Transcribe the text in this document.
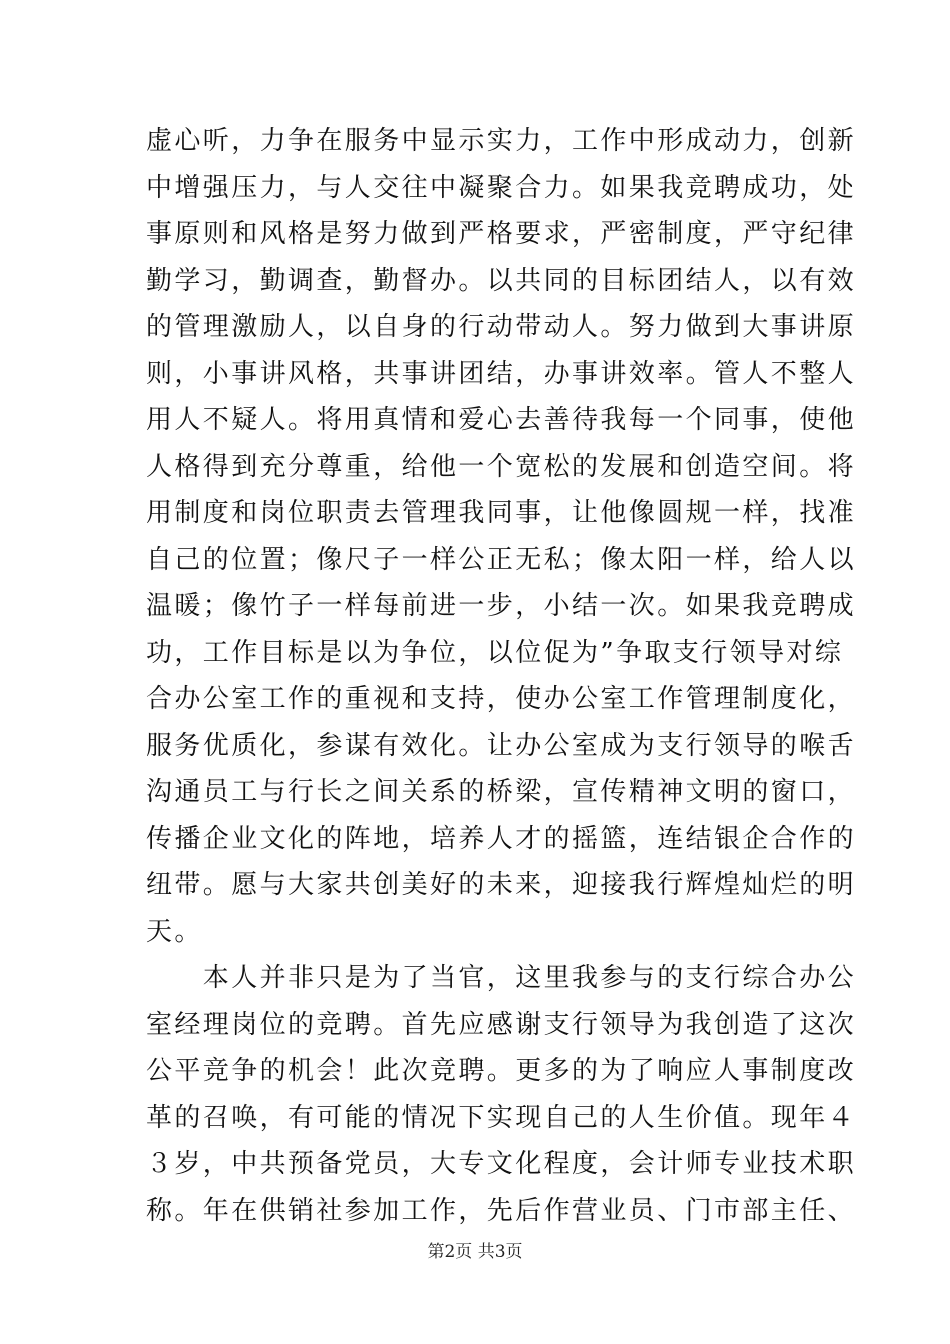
虚心听，力争在服务中显示实力，工作中形成动力，创新
中增强压力，与人交往中凝聚合力。如果我竞聘成功，处
事原则和风格是努力做到严格要求，严密制度，严守纪律
勤学习，勤调查，勤督办。以共同的目标团结人，以有效
的管理激励人，以自身的行动带动人。努力做到大事讲原
则，小事讲风格，共事讲团结，办事讲效率。管人不整人
用人不疑人。将用真情和爱心去善待我每一个同事，使他
人格得到充分尊重，给他一个宽松的发展和创造空间。将
用制度和岗位职责去管理我同事，让他像圆规一样，找准
自己的位置；像尺子一样公正无私；像太阳一样，给人以
温暖；像竹子一样每前进一步，小结一次。如果我竞聘成
功，工作目标是以为争位，以位促为”争取支行领导对综
合办公室工作的重视和支持，使办公室工作管理制度化，
服务优质化，参谋有效化。让办公室成为支行领导的喉舌
沟通员工与行长之间关系的桥梁，宣传精神文明的窗口，
传播企业文化的阵地，培养人才的摇篮，连结银企合作的
纽带。愿与大家共创美好的未来，迎接我行辉煌灿烂的明
天。
　　本人并非只是为了当官，这里我参与的支行综合办公
室经理岗位的竞聘。首先应感谢支行领导为我创造了这次
公平竞争的机会！此次竞聘。更多的为了响应人事制度改
革的召唤，有可能的情况下实现自己的人生价值。现年４
３岁，中共预备党员，大专文化程度，会计师专业技术职
称。年在供销社参加工作，先后作营业员、门市部主任、
第2页 共3页
